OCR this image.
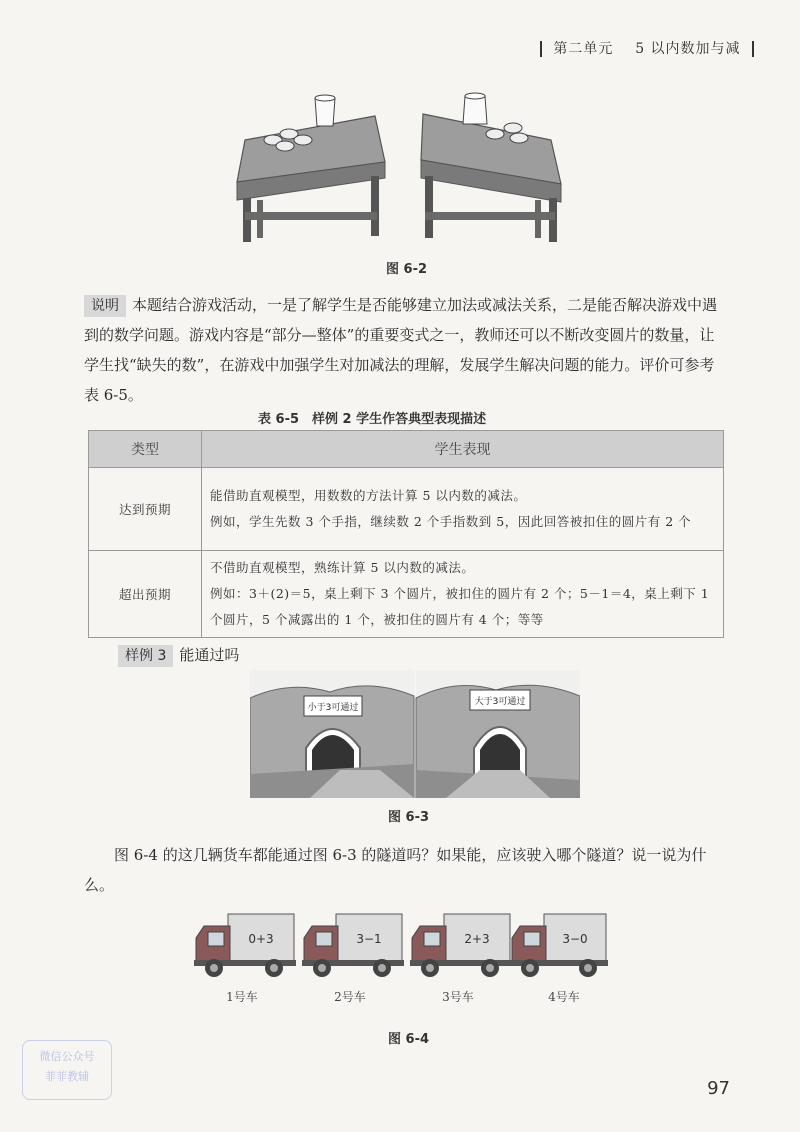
第二单元 5 以内数加与减
图 6-2
说明 本题结合游戏活动，一是了解学生是否能够建立加法或减法关系，二是能否解决游戏中遇到的数学问题。游戏内容是“部分—整体”的重要变式之一，教师还可以不断改变圆片的数量，让学生找“缺失的数”，在游戏中加强学生对加减法的理解，发展学生解决问题的能力。评价可参考表 6-5。
表 6-5　样例 2 学生作答典型表现描述
类型	学生表现
达到预期	能借助直观模型，用数数的方法计算 5 以内数的减法。
例如，学生先数 3 个手指，继续数 2 个手指数到 5，因此回答被扣住的圆片有 2 个

超出预期	不借助直观模型，熟练计算 5 以内数的减法。
例如：3＋(2)＝5，桌上剩下 3 个圆片，被扣住的圆片有 2 个；5－1＝4，桌上剩下 1 个圆片，5 个减露出的 1 个，被扣住的圆片有 4 个；等等
样例 3 能通过吗
小于3可通过
大于3可通过
图 6-3
图 6-4 的这几辆货车都能通过图 6-3 的隧道吗？如果能，应该驶入哪个隧道？说一说为什么。
0+3	3−1	2+3	3−0
1号车	2号车	3号车	4号车
图 6-4
微信公众号
菲菲教辅
97
